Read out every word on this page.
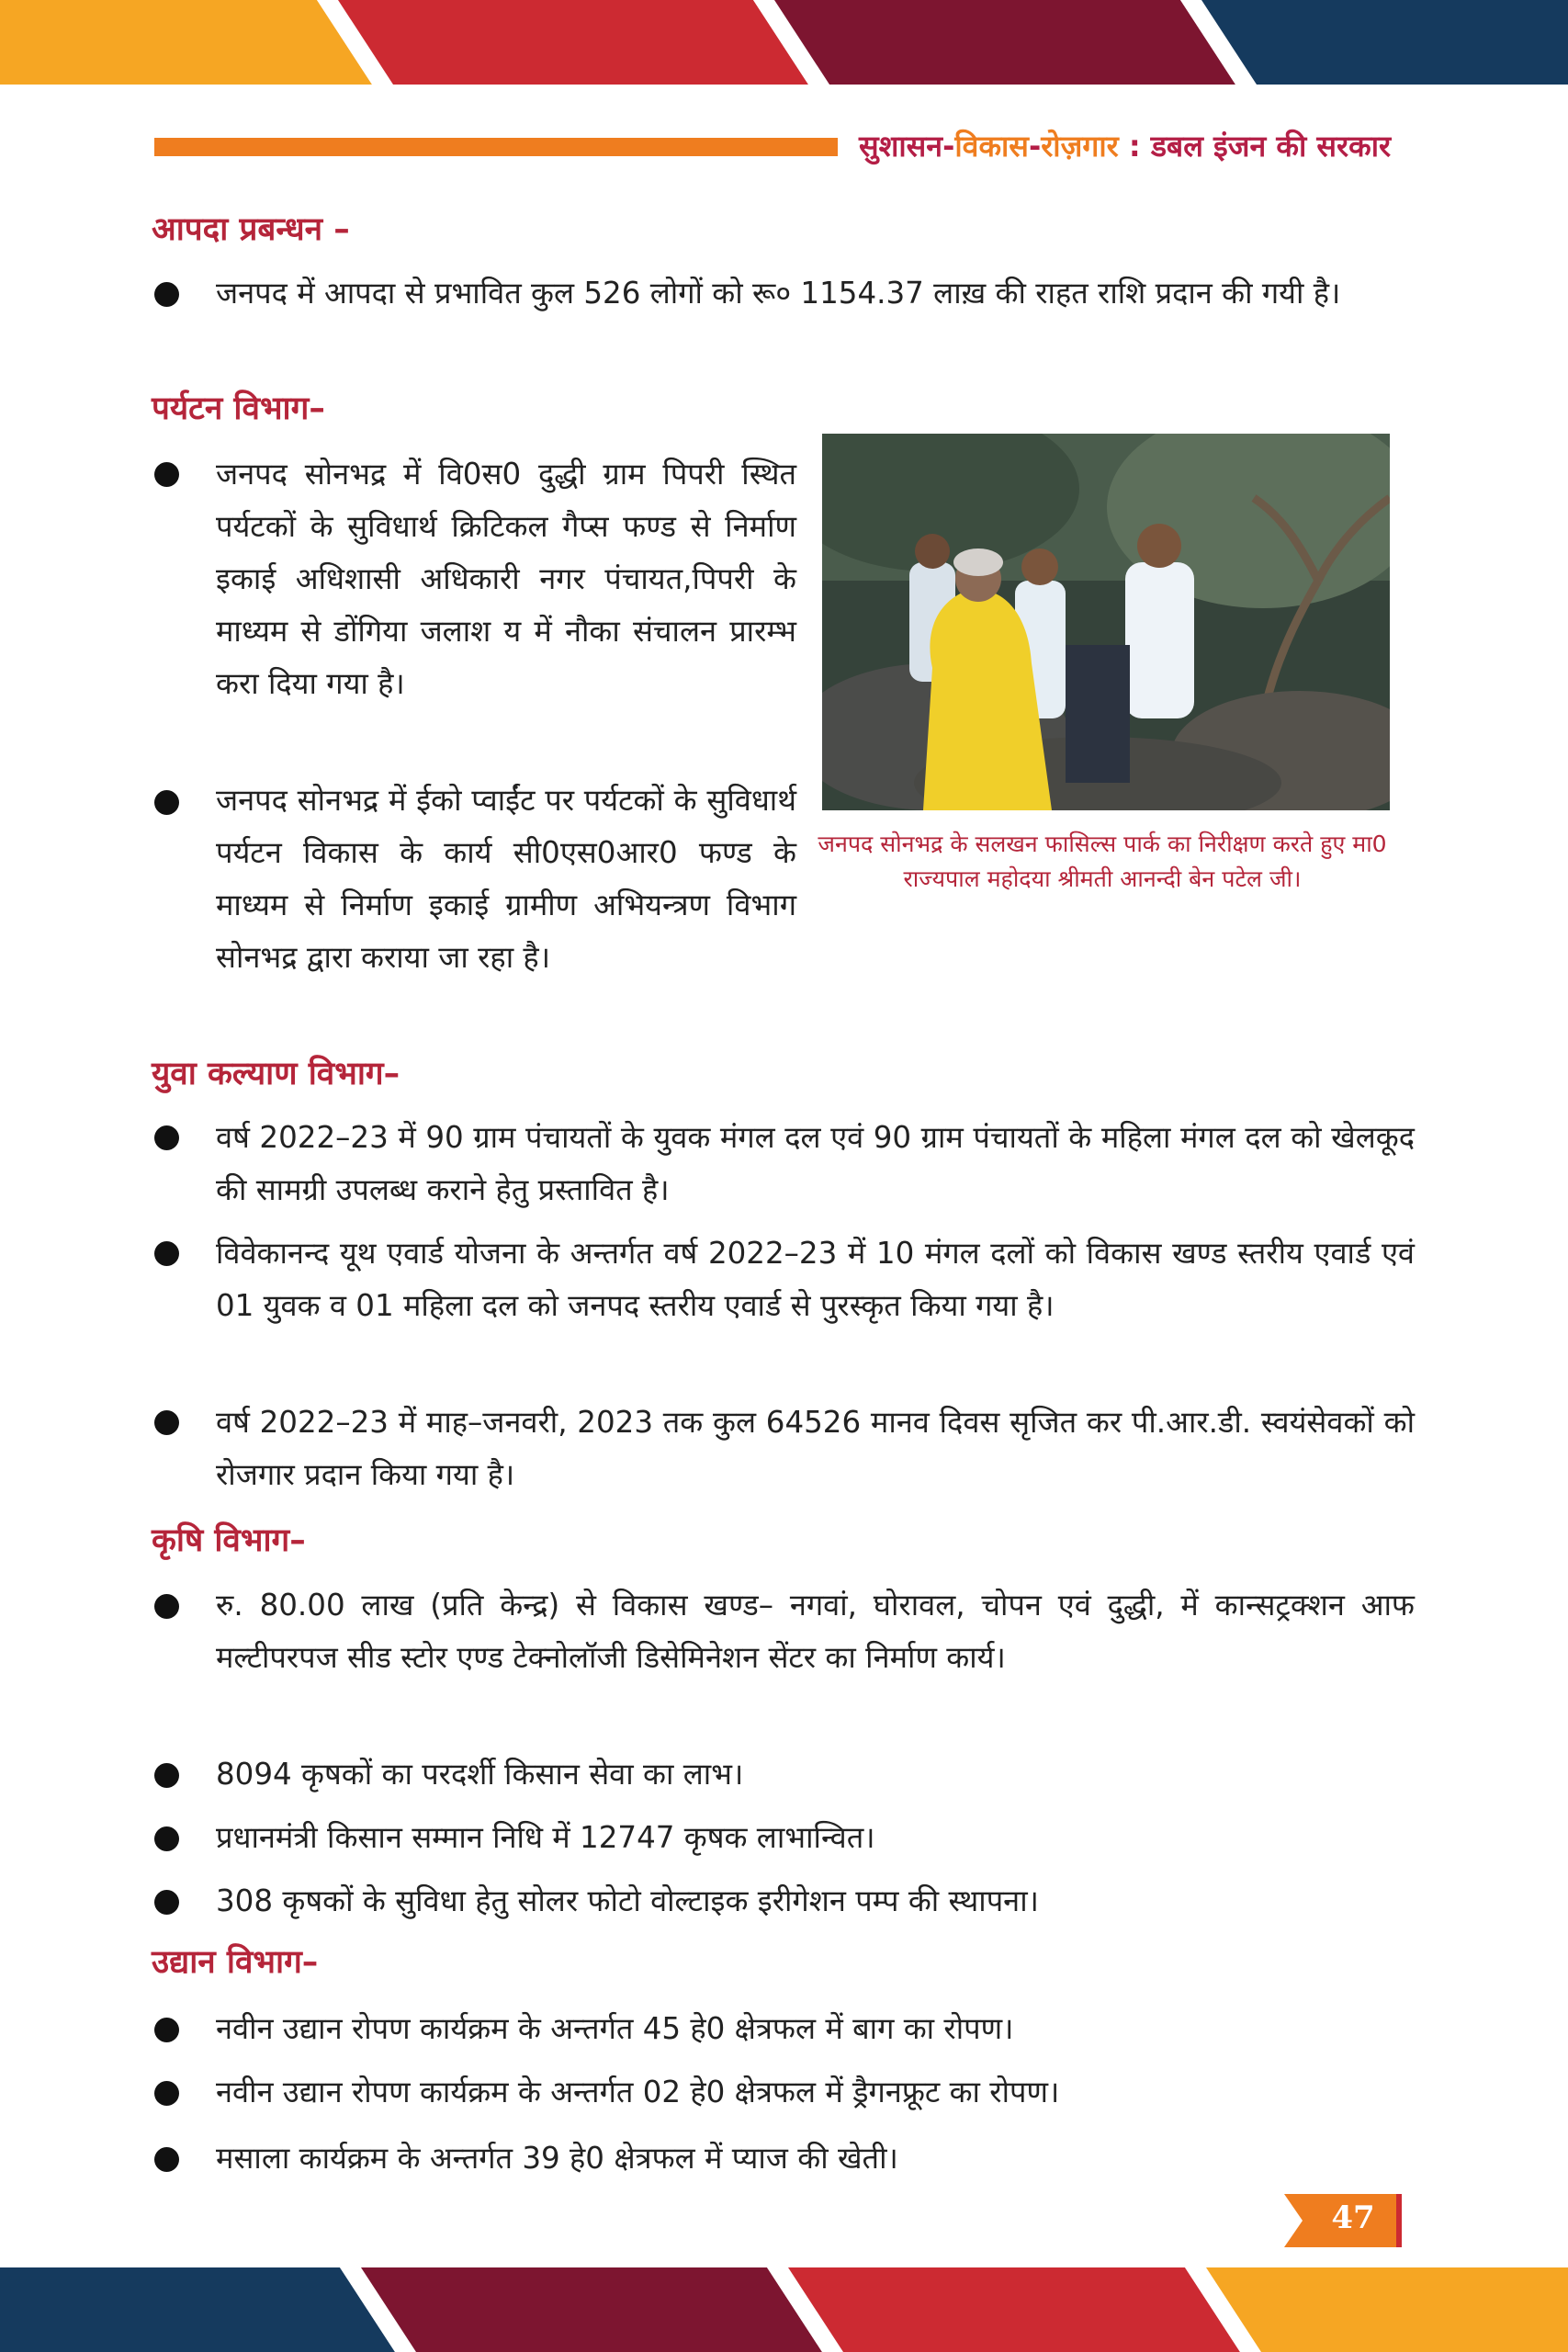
सुशासन-विकास-रोज़गार : डबल इंजन की सरकार
आपदा प्रबन्धन –
जनपद में आपदा से प्रभावित कुल 526 लोगों को रू० 1154.37 लाख़ की राहत राशि प्रदान की गयी है।
पर्यटन विभाग–
जनपद सोनभद्र में वि0स0 दुद्धी ग्राम पिपरी स्थित पर्यटकों के सुविधार्थ क्रिटिकल गैप्स फण्ड से निर्माण इकाई अधिशासी अधिकारी नगर पंचायत,पिपरी के माध्यम से डोंगिया जलाश य में नौका संचालन प्रारम्भ करा दिया गया है।
जनपद सोनभद्र में ईको प्वाईंट पर पर्यटकों के सुविधार्थ पर्यटन विकास के कार्य सी0एस0आर0 फण्ड के माध्यम से निर्माण इकाई ग्रामीण अभियन्त्रण विभाग सोनभद्र द्वारा कराया जा रहा है।
जनपद सोनभद्र के सलखन फासिल्स पार्क का निरीक्षण करते हुए मा0 राज्यपाल महोदया श्रीमती आनन्दी बेन पटेल जी।
युवा कल्याण विभाग–
वर्ष 2022–23 में 90 ग्राम पंचायतों के युवक मंगल दल एवं 90 ग्राम पंचायतों के महिला मंगल दल को खेलकूद की सामग्री उपलब्ध कराने हेतु प्रस्तावित है।
विवेकानन्द यूथ एवार्ड योजना के अन्तर्गत वर्ष 2022–23 में 10 मंगल दलों को विकास खण्ड स्तरीय एवार्ड एवं 01 युवक व 01 महिला दल को जनपद स्तरीय एवार्ड से पुरस्कृत किया गया है।
वर्ष 2022–23 में माह–जनवरी, 2023 तक कुल 64526 मानव दिवस सृजित कर पी.आर.डी. स्वयंसेवकों को रोजगार प्रदान किया गया है।
कृषि विभाग–
रु. 80.00 लाख (प्रति केन्द्र) से विकास खण्ड– नगवां, घोरावल, चोपन एवं दुद्धी, में कान्सट्रक्शन आफ मल्टीपरपज सीड स्टोर एण्ड टेक्नोलॉजी डिसेमिनेशन सेंटर का निर्माण कार्य।
8094 कृषकों का परदर्शी किसान सेवा का लाभ।
प्रधानमंत्री किसान सम्मान निधि में 12747 कृषक लाभान्वित।
308 कृषकों के सुविधा हेतु सोलर फोटो वोल्टाइक इरीगेशन पम्प की स्थापना।
उद्यान विभाग–
नवीन उद्यान रोपण कार्यक्रम के अन्तर्गत 45 हे0 क्षेत्रफल में बाग का रोपण।
नवीन उद्यान रोपण कार्यक्रम के अन्तर्गत 02 हे0 क्षेत्रफल में ड्रैगनफ्रूट का रोपण।
मसाला कार्यक्रम के अन्तर्गत 39 हे0 क्षेत्रफल में प्याज की खेती।
47
